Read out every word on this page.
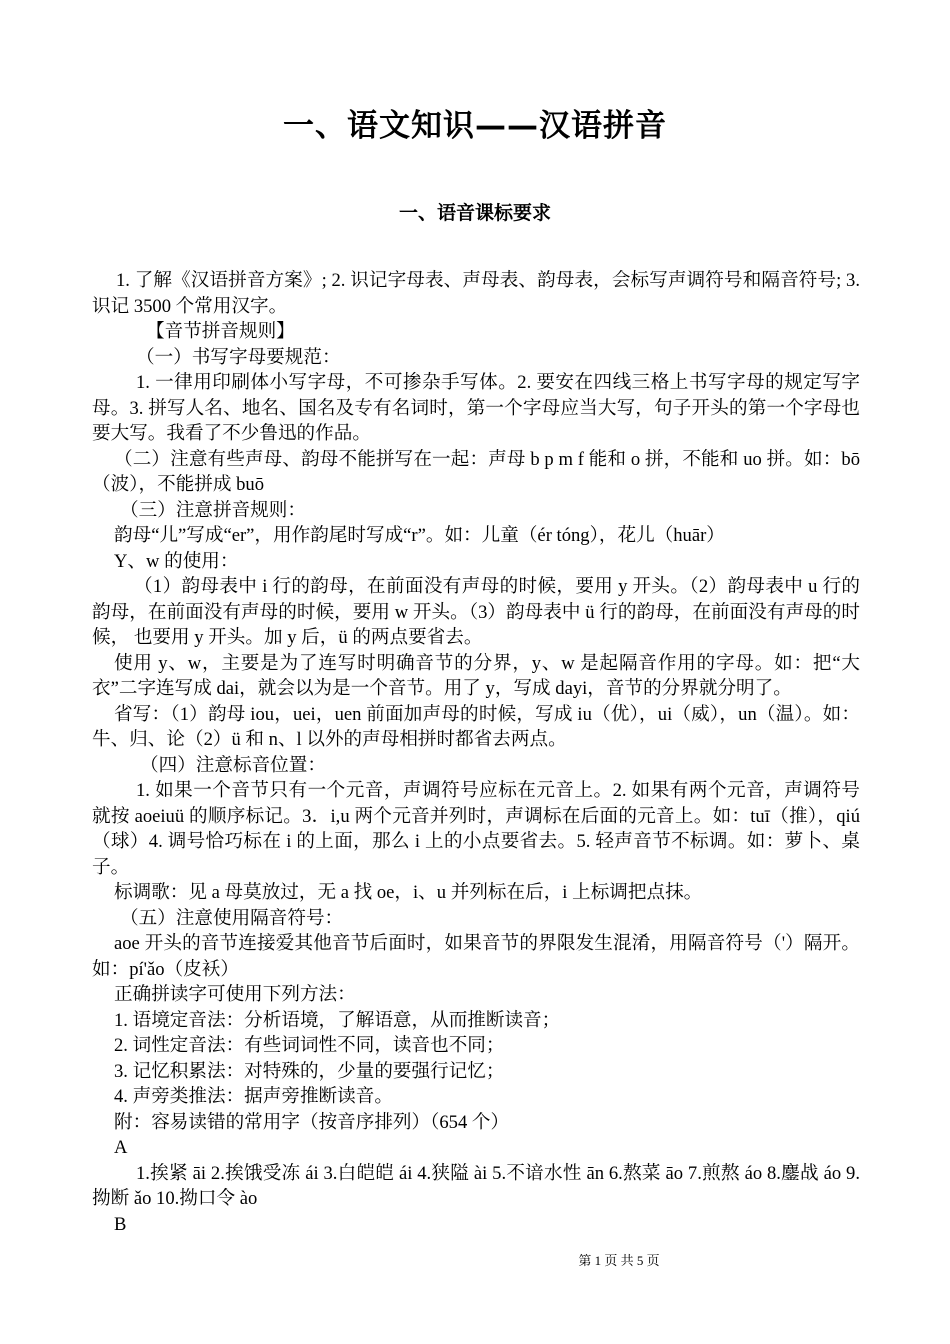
一、语文知识——汉语拼音
一、语音课标要求

1. 了解《汉语拼音方案》; 2. 识记字母表、声母表、韵母表，会标写声调符号和隔音符号; 3. 识记 3500 个常用汉字。

【音节拼音规则】

（一）书写字母要规范：

1. 一律用印刷体小写字母，不可掺杂手写体。2. 要安在四线三格上书写字母的规定写字母。3. 拼写人名、地名、国名及专有名词时，第一个字母应当大写，句子开头的第一个字母也要大写。我看了不少鲁迅的作品。

（二）注意有些声母、韵母不能拼写在一起：声母 b p m f 能和 o 拼，不能和 uo 拼。如：bō （波），不能拼成 buō

（三）注意拼音规则：

韵母“儿”写成“er”，用作韵尾时写成“r”。如：儿童（ér tóng），花儿（huār）

Y、w 的使用：

（1）韵母表中 i 行的韵母，在前面没有声母的时候，要用 y 开头。（2）韵母表中 u 行的韵母，在前面没有声母的时候，要用 w 开头。（3）韵母表中 ü 行的韵母，在前面没有声母的时候， 也要用 y 开头。加 y 后，ü 的两点要省去。

使用 y、w，主要是为了连写时明确音节的分界，y、w 是起隔音作用的字母。如：把“大衣”二字连写成 dai，就会以为是一个音节。用了 y，写成 dayi，音节的分界就分明了。

省写：（1）韵母 iou，uei，uen 前面加声母的时候，写成 iu（优），ui（威），un（温）。如：牛、归、论（2）ü 和 n、l 以外的声母相拼时都省去两点。

（四）注意标音位置：

1. 如果一个音节只有一个元音，声调符号应标在元音上。2. 如果有两个元音，声调符号就按 aoeiuü 的顺序标记。3．i,u 两个元音并列时，声调标在后面的元音上。如：tuī（推），qiú（球）4. 调号恰巧标在 i 的上面，那么 i 上的小点要省去。5. 轻声音节不标调。如：萝卜、桌子。

标调歌：见 a 母莫放过，无 a 找 oe，i、u 并列标在后，i 上标调把点抹。

（五）注意使用隔音符号：

aoe 开头的音节连接爱其他音节后面时，如果音节的界限发生混淆，用隔音符号（'）隔开。如：pí'ǎo（皮袄）

正确拼读字可使用下列方法：

1. 语境定音法：分析语境，了解语意，从而推断读音；

2. 词性定音法：有些词词性不同，读音也不同；

3. 记忆积累法：对特殊的，少量的要强行记忆；

4. 声旁类推法：据声旁推断读音。

附：容易读错的常用字（按音序排列）（654 个）

A

1.挨紧 āi 2.挨饿受冻 ái 3.白皑皑 ái 4.狭隘 ài 5.不谙水性 ān 6.熬菜 āo 7.煎熬 áo 8.鏖战 áo 9.拗断 ǎo 10.拗口令 ào

B

第 1 页 共 5 页
